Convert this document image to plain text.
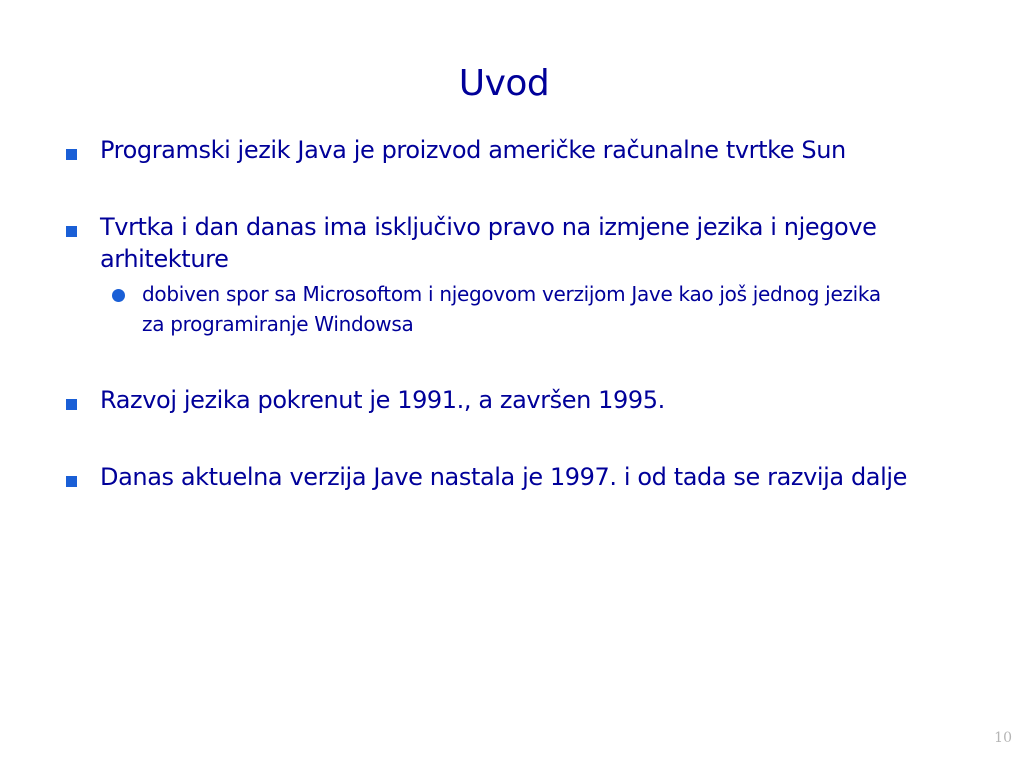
Uvod
Programski jezik Java je proizvod američke računalne tvrtke Sun
Tvrtka i dan danas ima isključivo pravo na izmjene jezika i njegove arhitekture
dobiven spor sa Microsoftom i njegovom verzijom Jave kao još jednog jezika za programiranje Windowsa
Razvoj jezika pokrenut je 1991., a završen 1995.
Danas aktuelna verzija Jave nastala je 1997. i od tada se razvija dalje
10
